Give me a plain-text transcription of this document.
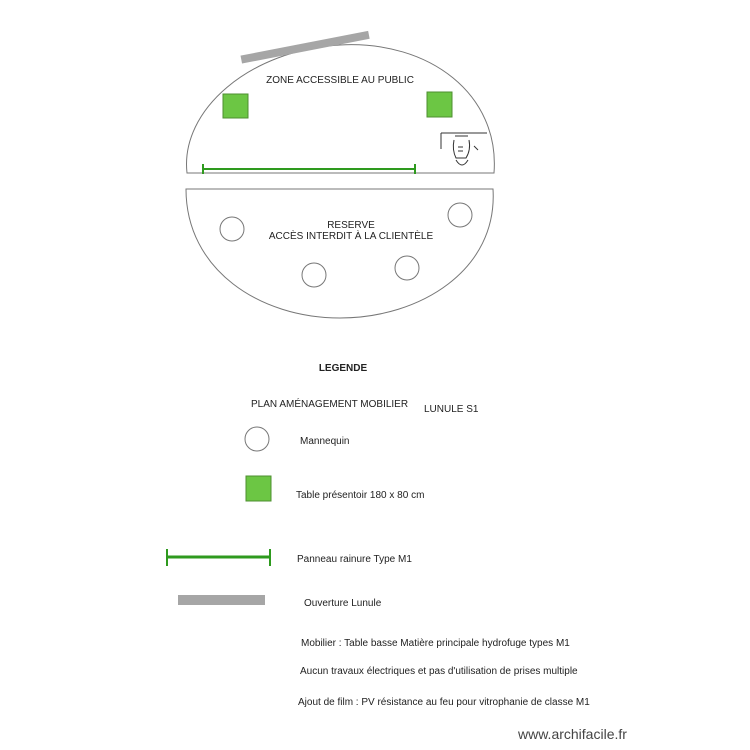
ZONE ACCESSIBLE AU PUBLIC
RESERVE
ACCÈS INTERDIT À LA CLIENTÈLE
LEGENDE
PLAN AMÉNAGEMENT MOBILIER LUNULE S1
Mannequin
Table présentoir 180 x 80 cm
Panneau rainure Type M1
Ouverture Lunule
Mobilier : Table basse Matière principale hydrofuge types M1
Aucun travaux électriques et pas d'utilisation de prises multiple
Ajout de film : PV résistance au feu pour vitrophanie de classe M1
www.archifacile.fr
